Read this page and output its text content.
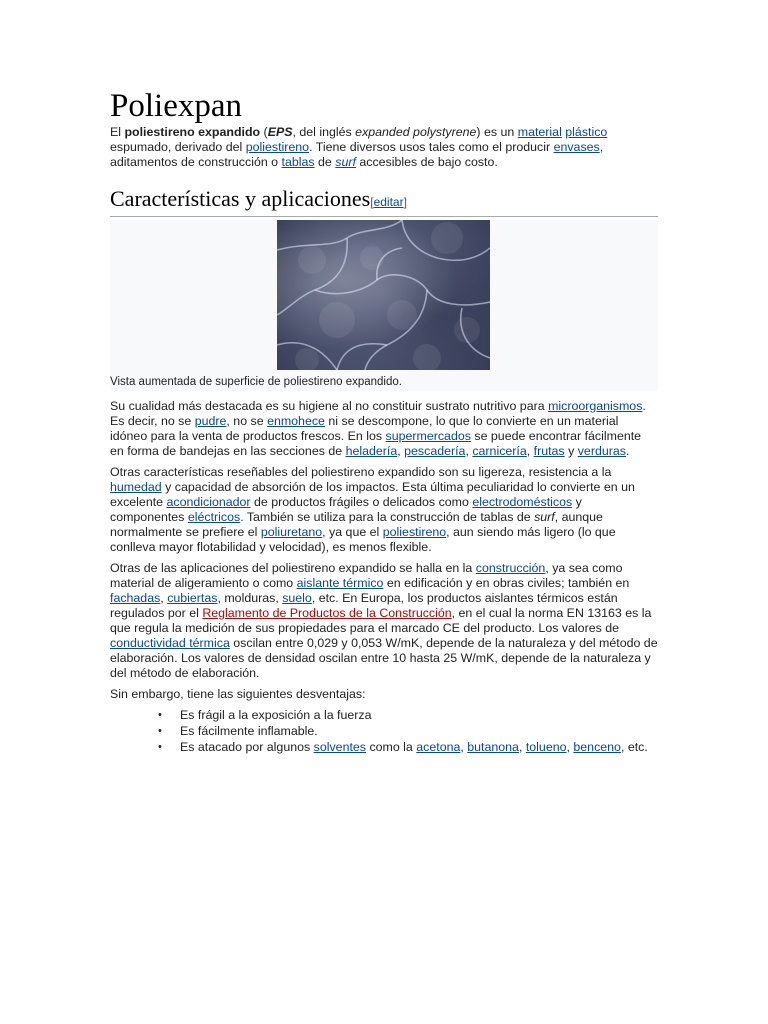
Poliexpan

El poliestireno expandido (EPS, del inglés expanded polystyrene) es un material plástico espumado, derivado del poliestireno. Tiene diversos usos tales como el producir envases, aditamentos de construcción o tablas de surf accesibles de bajo costo.

Características y aplicaciones[editar]
Vista aumentada de superficie de poliestireno expandido.

Su cualidad más destacada es su higiene al no constituir sustrato nutritivo para microorganismos. Es decir, no se pudre, no se enmohece ni se descompone, lo que lo convierte en un material idóneo para la venta de productos frescos. En los supermercados se puede encontrar fácilmente en forma de bandejas en las secciones de heladería, pescadería, carnicería, frutas y verduras.

Otras características reseñables del poliestireno expandido son su ligereza, resistencia a la humedad y capacidad de absorción de los impactos. Esta última peculiaridad lo convierte en un excelente acondicionador de productos frágiles o delicados como electrodomésticos y componentes eléctricos. También se utiliza para la construcción de tablas de surf, aunque normalmente se prefiere el poliuretano, ya que el poliestireno, aun siendo más ligero (lo que conlleva mayor flotabilidad y velocidad), es menos flexible.

Otras de las aplicaciones del poliestireno expandido se halla en la construcción, ya sea como material de aligeramiento o como aislante térmico en edificación y en obras civiles; también en fachadas, cubiertas, molduras, suelo, etc. En Europa, los productos aislantes térmicos están regulados por el Reglamento de Productos de la Construcción, en el cual la norma EN 13163 es la que regula la medición de sus propiedades para el marcado CE del producto. Los valores de conductividad térmica oscilan entre 0,029 y 0,053 W/mK, depende de la naturaleza y del método de elaboración. Los valores de densidad oscilan entre 10 hasta 25 W/mK, depende de la naturaleza y del método de elaboración.

Sin embargo, tiene las siguientes desventajas:

• Es frágil a la exposición a la fuerza
• Es fácilmente inflamable.
• Es atacado por algunos solventes como la acetona, butanona, tolueno, benceno, etc.
